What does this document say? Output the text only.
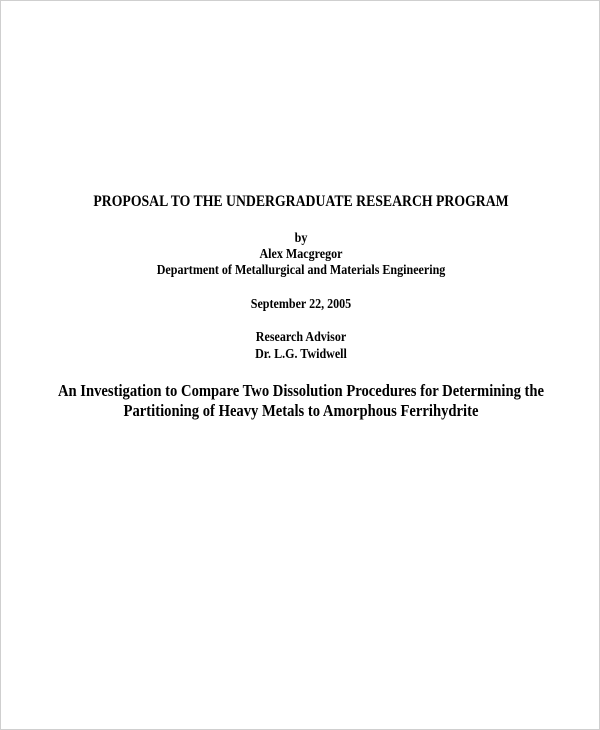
PROPOSAL TO THE UNDERGRADUATE RESEARCH PROGRAM
by
Alex Macgregor
Department of Metallurgical and Materials Engineering
September 22, 2005
Research Advisor
Dr. L.G. Twidwell
An Investigation to Compare Two Dissolution Procedures for Determining the
Partitioning of Heavy Metals to Amorphous Ferrihydrite
